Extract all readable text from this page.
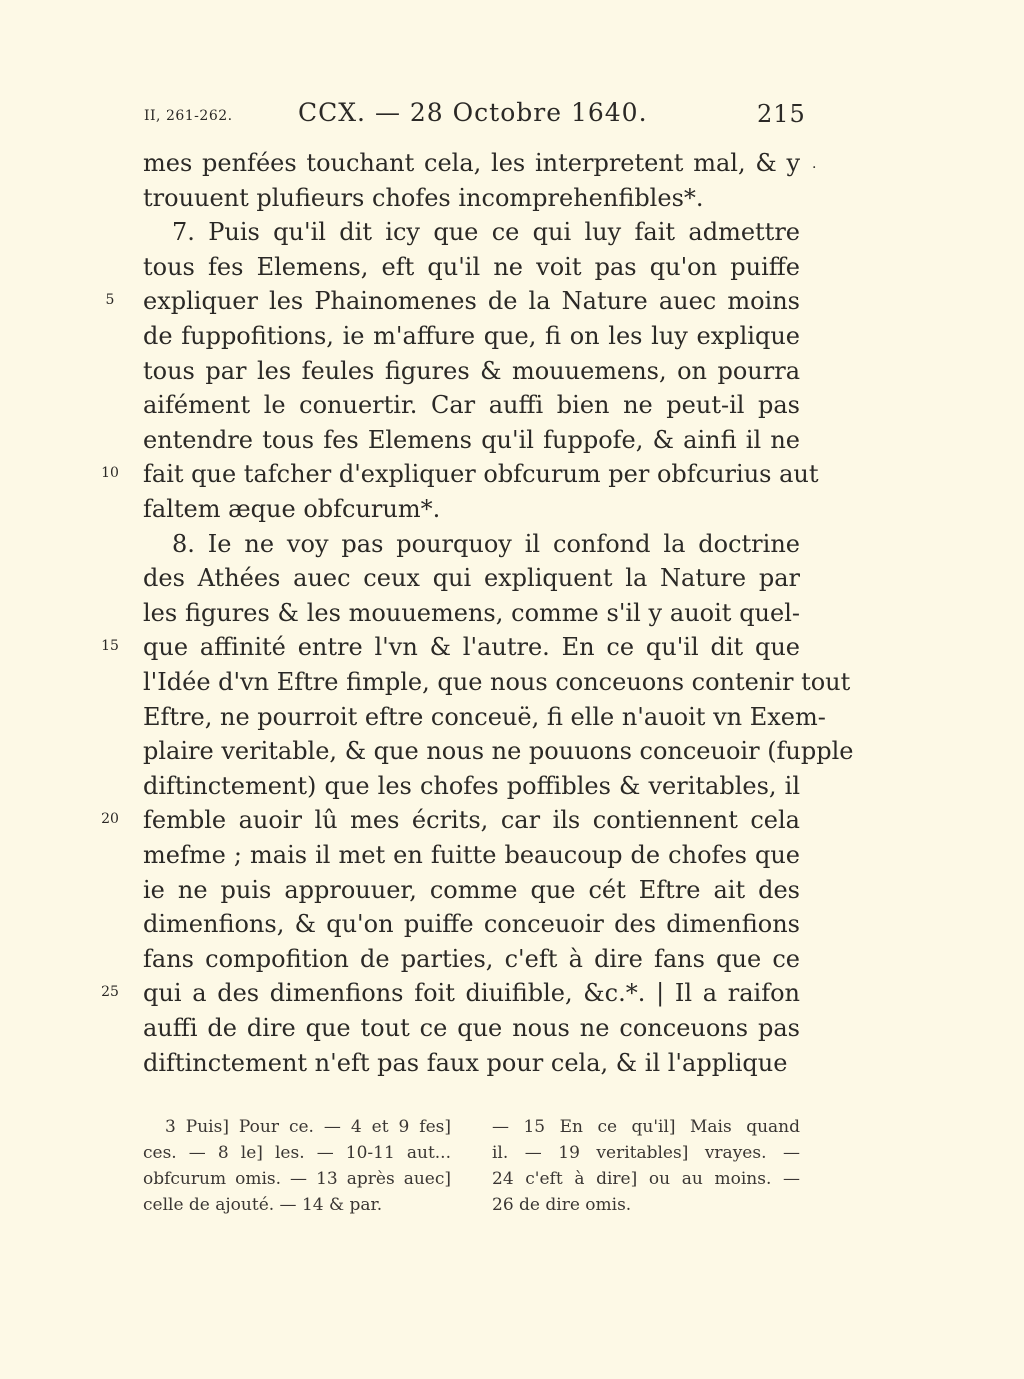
II, 261-262.	CCX. — 28 Octobre 1640.	215
·
mes penfées touchant cela, les interpretent mal, & y
trouuent plufieurs chofes incomprehenfibles*.
7. Puis qu'il dit icy que ce qui luy fait admettre
tous fes Elemens, eft qu'il ne voit pas qu'on puiffe
expliquer les Phainomenes de la Nature auec moins
5
de fuppofitions, ie m'affure que, fi on les luy explique
tous par les feules figures & mouuemens, on pourra
aifément le conuertir. Car auffi bien ne peut-il pas
entendre tous fes Elemens qu'il fuppofe, & ainfi il ne
fait que tafcher d'expliquer obfcurum per obfcurius aut
10
faltem æque obfcurum*.
8. Ie ne voy pas pourquoy il confond la doctrine
des Athées auec ceux qui expliquent la Nature par
les figures & les mouuemens, comme s'il y auoit quel-
que affinité entre l'vn & l'autre. En ce qu'il dit que
15
l'Idée d'vn Eftre fimple, que nous conceuons contenir tout
Eftre, ne pourroit eftre conceuë, fi elle n'auoit vn Exem-
plaire veritable, & que nous ne pouuons conceuoir (fupple
diftinctement) que les chofes poffibles & veritables, il
femble auoir lû mes écrits, car ils contiennent cela
20
mefme ; mais il met en fuitte beaucoup de chofes que
ie ne puis approuuer, comme que cét Eftre ait des
dimenfions, & qu'on puiffe conceuoir des dimenfions
fans compofition de parties, c'eft à dire fans que ce
qui a des dimenfions foit diuifible, &c.*. | Il a raifon
25
auffi de dire que tout ce que nous ne conceuons pas
diftinctement n'eft pas faux pour cela, & il l'applique
3 Puis] Pour ce. — 4 et 9 fes]
ces. — 8 le] les. — 10-11 aut...
obfcurum omis. — 13 après auec]
celle de ajouté. — 14 & par.
— 15 En ce qu'il] Mais quand
il. — 19 veritables] vrayes. —
24 c'eft à dire] ou au moins. —
26 de dire omis.
